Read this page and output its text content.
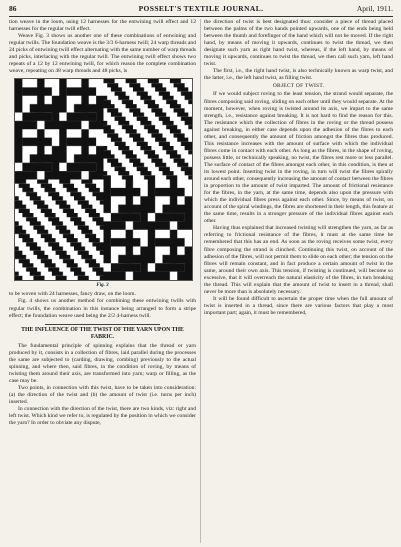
86	POSSELT'S TEXTILE JOURNAL.	April, 1911.

tion weave in the loom, using 12 harnesses for the entwining twill effect and 12 harnesses for the regular twill effect.

Weave Fig. 3 shows us another one of these combinations of entwining and regular twills. The foundation weave is the 3/3 6-harness twill; 24 warp threads and 24 picks of entwining twill effect alternating with the same number of warp threads and picks, interlacing with the regular twill. The entwining twill effect shows two repeats of a 12 by 12 entwining twill, for which reason the complete combination weave, repeating on 48 warp threads and 48 picks, is

Fig. 3

to be woven with 24 harnesses, fancy draw, on the loom.

Fig. 4 shows us another method for combining these entwining twills with regular twills, the combination in this instance being arranged to form a stripe effect; the foundation weave used being the 2/2 4-harness twill.

THE INFLUENCE OF THE TWIST OF THE YARN UPON THE FABRIC.

The fundamental principle of spinning explains that the thread or yarn produced by it, consists in a collection of fibres, laid parallel during the processes the same are subjected to (carding, drawing, combing) previously to the actual spinning, and where then, said fibres, in the condition of roving, by means of twisting them around their axis, are transformed into yarn; warp or filling, as the case may be.

Two points, in connection with this twist, have to be taken into consideration: (a) the direction of the twist and (b) the amount of twist (i.e. turns per inch) inserted.

In connection with the direction of the twist, there are two kinds, viz: right and left twist. Which kind we refer to, is regulated by the position in which we consider the yarn? In order to obviate any dispute,

the direction of twist is best designated thus: consider a piece of thread placed between the palms of the two hands pointed upwards, one of the ends being held between the thumb and forefinger of the hand which will not be moved. If the right hand, by means of moving it upwards, continues to twist the thread, we then designate such yarn as right hand twist, whereas, if the left hand, by means of moving it upwards, continues to twist the thread, we then call such yarn, left hand twist.

The first, i.e., the right hand twist, is also technically known as warp twist, and the latter, i.e., the left hand twist, as filling twist.

OBJECT OF TWIST.

If we would subject roving to the least tension, the strand would separate, the fibres composing said roving, sliding on each other until they would separate. At the moment, however, when roving is twisted around its axis, we impart to the same strength, i.e., resistance against breaking. It is not hard to find the reason for this. The resistance which the collection of fibres in the roving or the thread possess against breaking, in either case depends upon the adhesion of the fibres to each other, and consequently the amount of friction amongst the fibres thus produced. This resistance increases with the amount of surface with which the individual fibres come in contact with each other. As long as the fibres, in the shape of roving, possess little, or technically speaking, no twist, the fibres rest more or less parallel. The surface of contact of the fibres amongst each other, in this condition, is then at its lowest point. Inserting twist in the roving, in turn will twist the fibres spirally around each other, consequently increasing the amount of contact between the fibres in proportion to the amount of twist imparted. The amount of frictional resistance for the fibres, in the yarn, at the same time, depends also upon the pressure with which the individual fibres press against each other. Since, by means of twist, on account of the spiral windings, the fibres are shortened in their length, this feature at the same time, results in a stronger pressure of the individual fibres against each other.

Having thus explained that increased twisting will strengthen the yarn, as far as referring to frictional resistance of the fibres, it must at the same time be remembered that this has an end. As soon as the roving receives some twist, every fibre composing the strand is clinched. Continuing this twist, on account of the adhesion of the fibres, will not permit them to slide on each other; the tension on the fibres will remain constant, and in fact produce a certain amount of twist in the same, around their own axis. This tension, if twisting is continued, will become so excessive, that it will overreach the natural elasticity of the fibres, in turn breaking the thread. This will explain that the amount of twist to insert in a thread, shall never be more than is absolutely necessary.

It will be found difficult to ascertain the proper time when the full amount of twist is inserted in a thread, since there are various factors that play a most important part; again, it must be remembered,
